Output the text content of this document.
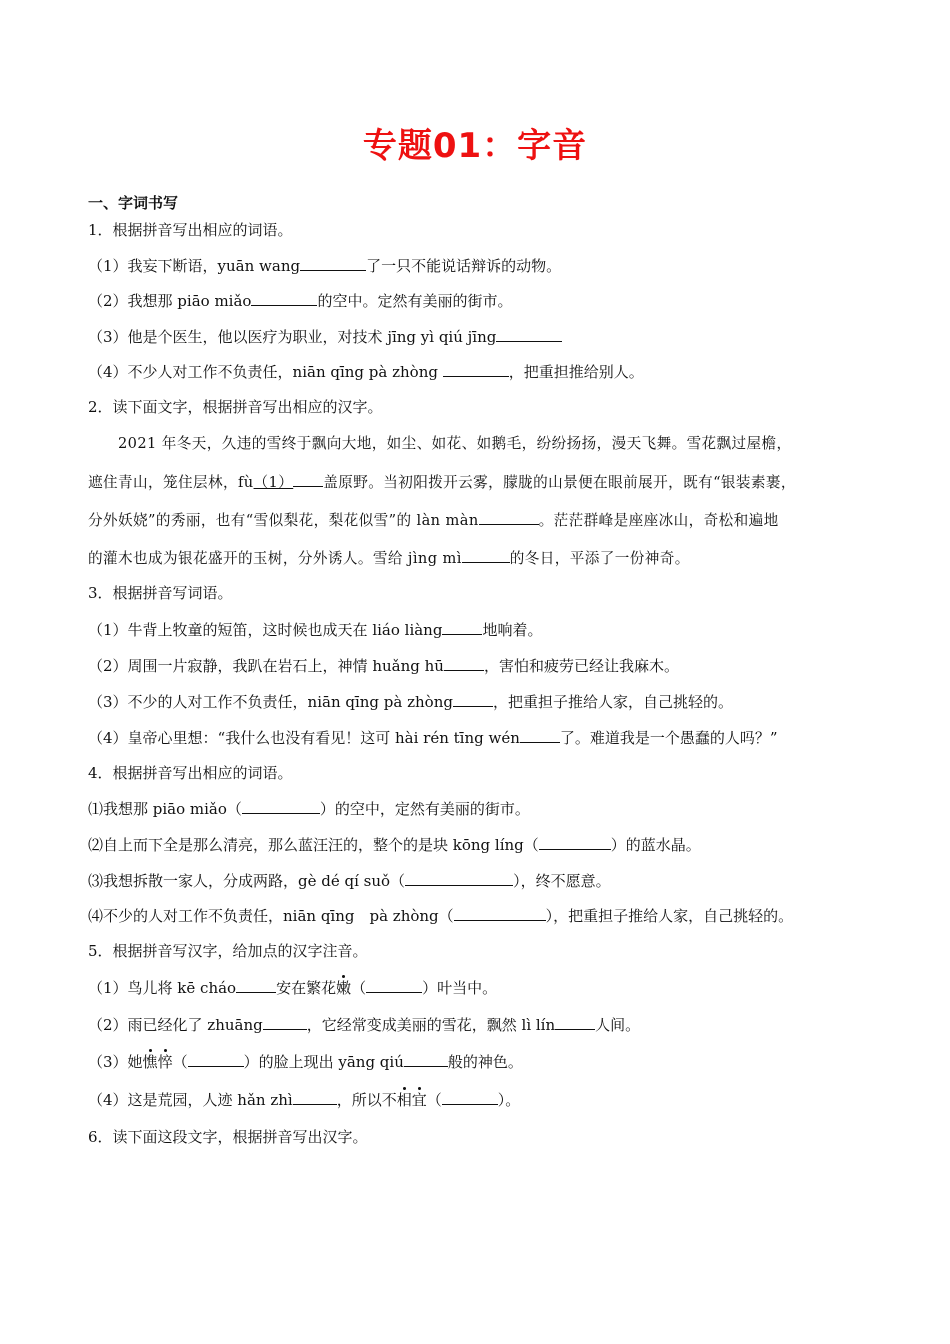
专题01：字音
一、字词书写
1．根据拼音写出相应的词语。
（1）我妄下断语，yuān wang	了一只不能说话辩诉的动物。
（2）我想那 piāo miǎo	的空中。定然有美丽的街市。
（3）他是个医生，他以医疗为职业，对技术 jīng yì qiú jīng
（4）不少人对工作不负责任，niān qīng pà zhòng	，把重担推给别人。
2．读下面文字，根据拼音写出相应的汉字。
2021 年冬天，久违的雪终于飘向大地，如尘、如花、如鹅毛，纷纷扬扬，漫天飞舞。雪花飘过屋檐，
遮住青山，笼住层林，fù（1） 盖原野。当初阳拨开云雾，朦胧的山景便在眼前展开，既有“银装素裹，
分外妖娆”的秀丽，也有“雪似梨花，梨花似雪”的 làn màn	。茫茫群峰是座座冰山，奇松和遍地
的灌木也成为银花盛开的玉树，分外诱人。雪给 jìng mì	的冬日，平添了一份神奇。
3．根据拼音写词语。
（1）牛背上牧童的短笛，这时候也成天在 liáo liàng	地响着。
（2）周围一片寂静，我趴在岩石上，神情 huǎng hū	，害怕和疲劳已经让我麻木。
（3）不少的人对工作不负责任，niān qīng pà zhòng	，把重担子推给人家，自己挑轻的。
（4）皇帝心里想：“我什么也没有看见！这可 hài rén tīng wén	了。难道我是一个愚蠢的人吗？”
4．根据拼音写出相应的词语。
⑴我想那 piāo miǎo（	）的空中，定然有美丽的街市。
⑵自上而下全是那么清亮，那么蓝汪汪的，整个的是块 kōng líng（	）的蓝水晶。
⑶我想拆散一家人，分成两路，gè dé qí suǒ（	），终不愿意。
⑷不少的人对工作不负责任，niān qīng　pà zhòng（	），把重担子推给人家，自己挑轻的。
5．根据拼音写汉字，给加点的汉字注音。
（1）鸟儿将 kē cháo	安在繁花嫩（	）叶当中。
（2）雨已经化了 zhuāng	，它经常变成美丽的雪花，飘然 lì lín	人间。
（3）她憔悴（	）的脸上现出 yāng qiú	般的神色。
（4）这是荒园，人迹 hǎn zhì	，所以不相宜（	）。
6．读下面这段文字，根据拼音写出汉字。
